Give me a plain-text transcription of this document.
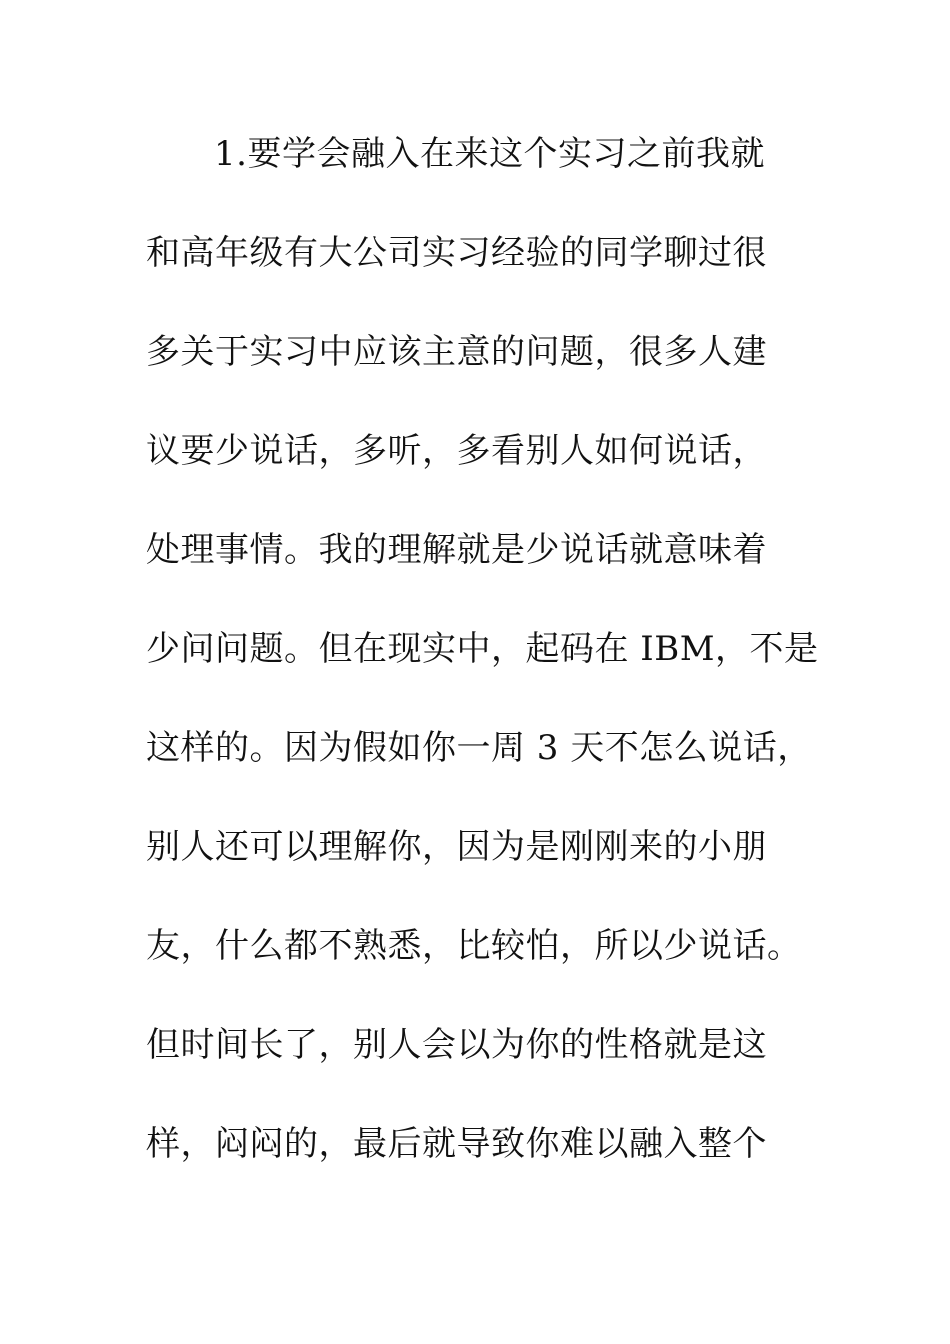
1.要学会融入在来这个实习之前我就
和高年级有大公司实习经验的同学聊过很
多关于实习中应该主意的问题，很多人建
议要少说话，多听，多看别人如何说话，
处理事情。我的理解就是少说话就意味着
少问问题。但在现实中，起码在 IBM，不是
这样的。因为假如你一周 3 天不怎么说话，
别人还可以理解你，因为是刚刚来的小朋
友，什么都不熟悉，比较怕，所以少说话。
但时间长了，别人会以为你的性格就是这
样，闷闷的，最后就导致你难以融入整个
